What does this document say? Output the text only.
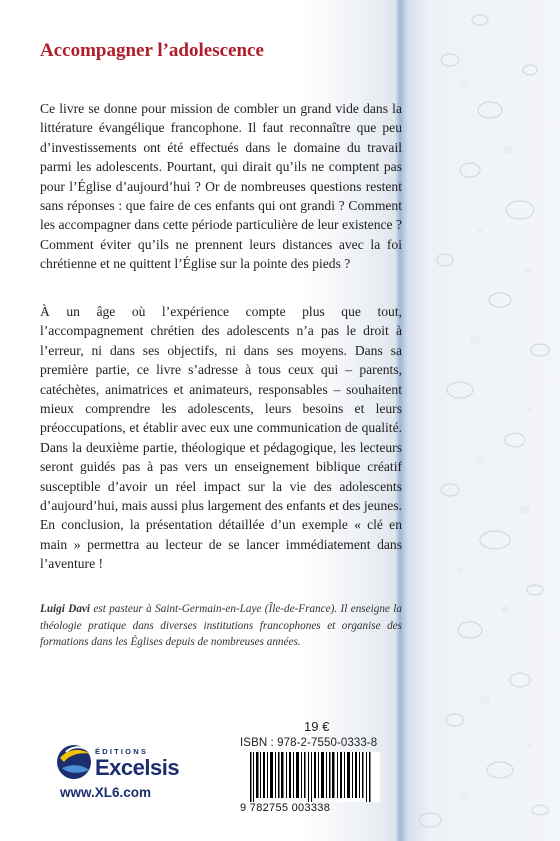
Accompagner l’adolescence

Ce livre se donne pour mission de combler un grand vide dans la littérature évangélique francophone. Il faut reconnaître que peu d’investissements ont été effectués dans le domaine du travail parmi les adolescents. Pourtant, qui dirait qu’ils ne comptent pas pour l’Église d’aujourd’hui ? Or de nombreuses questions restent sans réponses : que faire de ces enfants qui ont grandi ? Comment les accompagner dans cette période particulière de leur existence ? Comment éviter qu’ils ne prennent leurs distances avec la foi chrétienne et ne quittent l’Église sur la pointe des pieds ?

À un âge où l’expérience compte plus que tout, l’accompagnement chrétien des adolescents n’a pas le droit à l’erreur, ni dans ses objectifs, ni dans ses moyens. Dans sa première partie, ce livre s’adresse à tous ceux qui – parents, catéchètes, animatrices et animateurs, responsables – souhaitent mieux comprendre les adolescents, leurs besoins et leurs préoccupations, et établir avec eux une communication de qualité. Dans la deuxième partie, théologique et pédagogique, les lecteurs seront guidés pas à pas vers un enseignement biblique créatif susceptible d’avoir un réel impact sur la vie des adolescents d’aujourd’hui, mais aussi plus largement des enfants et des jeunes. En conclusion, la présentation détaillée d’un exemple « clé en main » permettra au lecteur de se lancer immédiatement dans l’aventure !

Luigi Davi est pasteur à Saint-Germain-en-Laye (Île-de-France). Il enseigne la théologie pratique dans diverses institutions francophones et organise des formations dans les Églises depuis de nombreuses années.

ÉDITIONS
Excelsis
www.XL6.com
19 €
ISBN : 978-2-7550-0333-8
9 782755 003338
